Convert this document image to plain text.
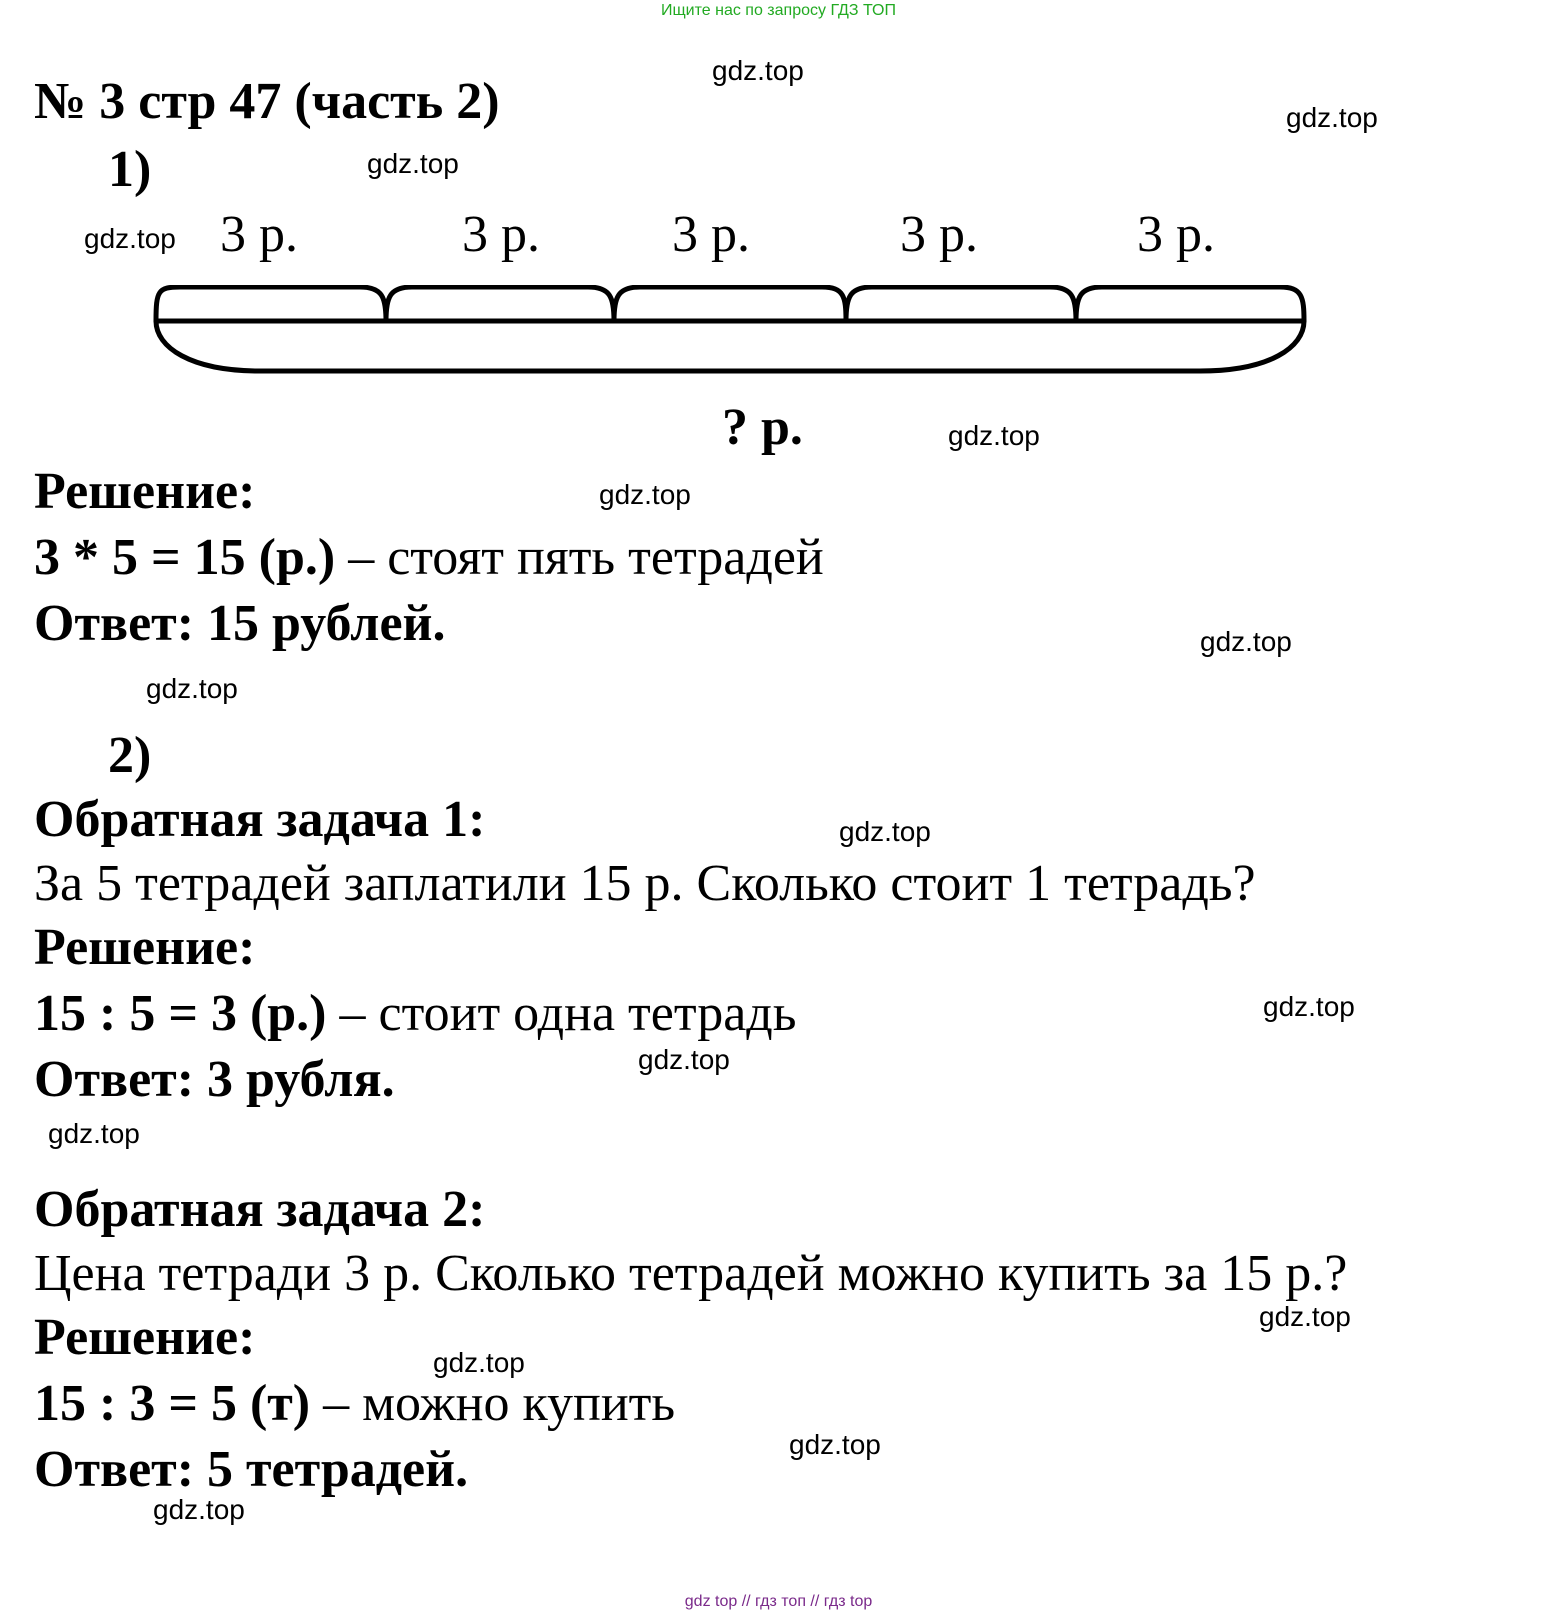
Ищите нас по запросу ГДЗ ТОП
№ 3 стр 47 (часть 2)
gdz.top
gdz.top
gdz.top
gdz.top
gdz.top
gdz.top
gdz.top
gdz.top
gdz.top
gdz.top
gdz.top
gdz.top
gdz.top
gdz.top
gdz.top
gdz.top
1)
3 р.	3 р.	3 р.	3 р.	3 р.
? р.
Решение:
3 * 5 = 15 (р.) – стоят пять тетрадей
Ответ: 15 рублей.
2)
Обратная задача 1:
За 5 тетрадей заплатили 15 р. Сколько стоит 1 тетрадь?
Решение:
15 : 5 = 3 (р.) – стоит одна тетрадь
Ответ: 3 рубля.
Обратная задача 2:
Цена тетради 3 р. Сколько тетрадей можно купить за 15 р.?
Решение:
15 : 3 = 5 (т) – можно купить
Ответ: 5 тетрадей.
gdz top // гдз топ // гдз top
